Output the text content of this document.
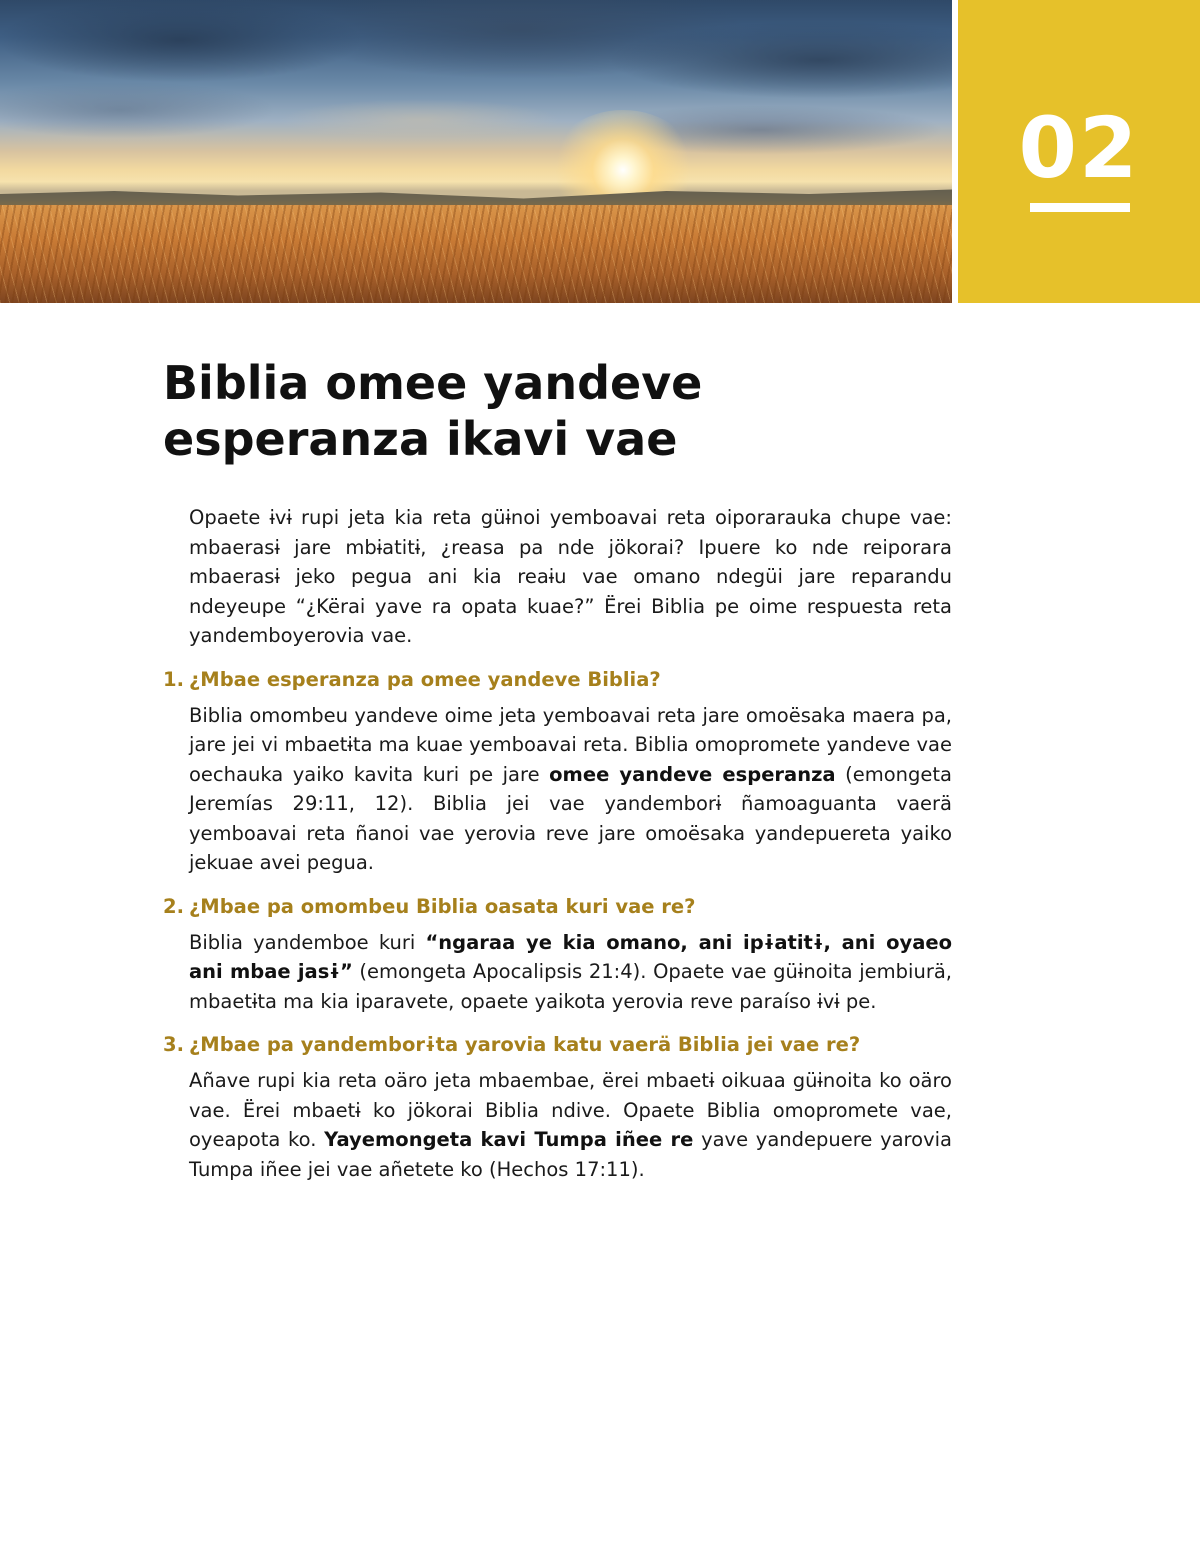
02
Biblia omee yandeve
esperanza ikavi vae

Opaete ɨvɨ rupi jeta kia reta güɨnoi yemboavai reta oiporarauka chupe vae: mbaerasɨ jare mbɨatitɨ, ¿reasa pa nde jökorai? Ipuere ko nde reiporara mbaerasɨ jeko pegua ani kia reaɨu vae omano ndegüi jare reparandu ndeyeupe “¿Kërai yave ra opata kuae?” Ërei Biblia pe oime respuesta reta yandemboyerovia vae.

1. ¿Mbae esperanza pa omee yandeve Biblia?

Biblia omombeu yandeve oime jeta yemboavai reta jare omoësaka maera pa, jare jei vi mbaetɨta ma kuae yemboavai reta. Biblia omopromete yandeve vae oechauka yaiko kavita kuri pe jare omee yandeve esperanza (emongeta Jeremías 29:11, 12). Biblia jei vae yandemborɨ ñamoaguanta vaerä yemboavai reta ñanoi vae yerovia reve jare omoësaka yandepuereta yaiko jekuae avei pegua.

2. ¿Mbae pa omombeu Biblia oasata kuri vae re?

Biblia yandemboe kuri “ngaraa ye kia omano, ani ipɨatitɨ, ani oyaeo ani mbae jasɨ” (emongeta Apocalipsis 21:4). Opaete vae güɨnoita jembiurä, mbaetɨta ma kia iparavete, opaete yaikota yerovia reve paraíso ɨvɨ pe.

3. ¿Mbae pa yandemborɨta yarovia katu vaerä Biblia jei vae re?

Añave rupi kia reta oäro jeta mbaembae, ërei mbaetɨ oikuaa güɨnoita ko oäro vae. Ërei mbaetɨ ko jökorai Biblia ndive. Opaete Biblia omopromete vae, oyeapota ko. Yayemongeta kavi Tumpa iñee re yave yandepuere yarovia Tumpa iñee jei vae añetete ko (Hechos 17:11).
